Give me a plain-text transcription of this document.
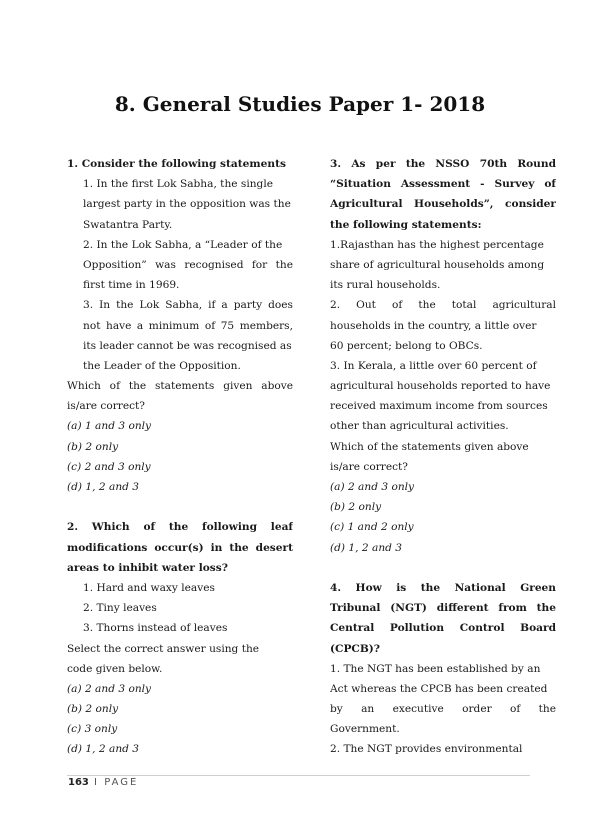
8. General Studies Paper 1- 2018
1. Consider the following statements
1. In the first Lok Sabha, the single
largest party in the opposition was the
Swatantra Party.
2. In the Lok Sabha, a “Leader of the
Opposition” was recognised for the
first time in 1969.
3. In the Lok Sabha, if a party does
not have a minimum of 75 members,
its leader cannot be was recognised as
the Leader of the Opposition.
Which of the statements given above
is/are correct?
(a) 1 and 3 only
(b) 2 only
(c) 2 and 3 only
(d) 1, 2 and 3
2. Which of the following leaf
modifications occur(s) in the desert
areas to inhibit water loss?
1. Hard and waxy leaves
2. Tiny leaves
3. Thorns instead of leaves
Select the correct answer using the
code given below.
(a) 2 and 3 only
(b) 2 only
(c) 3 only
(d) 1, 2 and 3
3. As per the NSSO 70th Round
“Situation Assessment - Survey of
Agricultural Households”, consider
the following statements:
1.Rajasthan has the highest percentage
share of agricultural households among
its rural households.
2. Out of the total agricultural
households in the country, a little over
60 percent; belong to OBCs.
3. In Kerala, a little over 60 percent of
agricultural households reported to have
received maximum income from sources
other than agricultural activities.
Which of the statements given above
is/are correct?
(a) 2 and 3 only
(b) 2 only
(c) 1 and 2 only
(d) 1, 2 and 3
4. How is the National Green
Tribunal (NGT) different from the
Central Pollution Control Board
(CPCB)?
1. The NGT has been established by an
Act whereas the CPCB has been created
by an executive order of the
Government.
2. The NGT provides environmental
163 I PAGE
